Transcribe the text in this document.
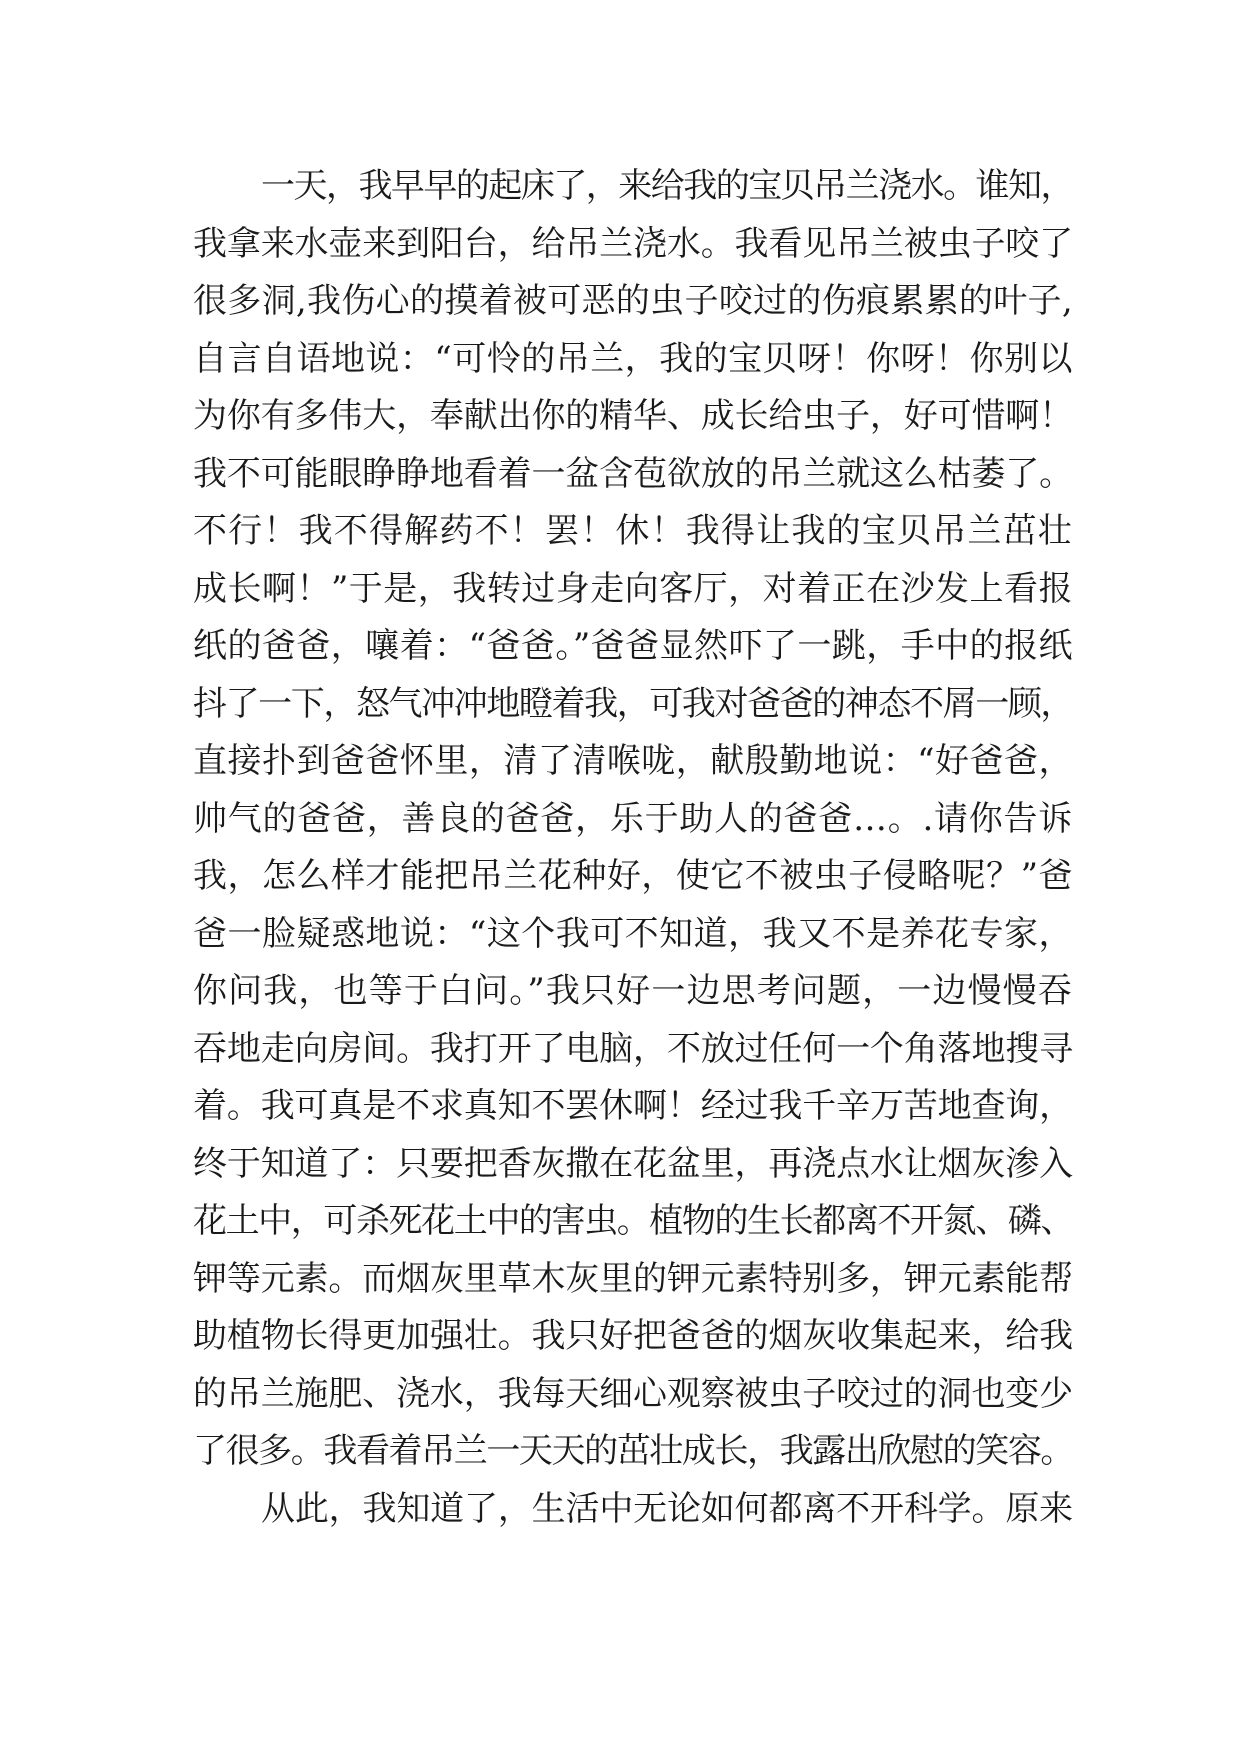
一天，我早早的起床了，来给我的宝贝吊兰浇水。谁知，
我拿来水壶来到阳台，给吊兰浇水。我看见吊兰被虫子咬了
很多洞,我伤心的摸着被可恶的虫子咬过的伤痕累累的叶子,
自言自语地说：“可怜的吊兰，我的宝贝呀！你呀！你别以
为你有多伟大，奉献出你的精华、成长给虫子，好可惜啊！
我不可能眼睁睁地看着一盆含苞欲放的吊兰就这么枯萎了。
不行！我不得解药不！罢！休！我得让我的宝贝吊兰茁壮
成长啊！”于是，我转过身走向客厅，对着正在沙发上看报
纸的爸爸，嚷着：“爸爸。”爸爸显然吓了一跳，手中的报纸
抖了一下，怒气冲冲地瞪着我，可我对爸爸的神态不屑一顾，
直接扑到爸爸怀里，清了清喉咙，献殷勤地说：“好爸爸，
帅气的爸爸，善良的爸爸，乐于助人的爸爸…。.请你告诉
我，怎么样才能把吊兰花种好，使它不被虫子侵略呢？”爸
爸一脸疑惑地说：“这个我可不知道，我又不是养花专家，
你问我，也等于白问。”我只好一边思考问题，一边慢慢吞
吞地走向房间。我打开了电脑，不放过任何一个角落地搜寻
着。我可真是不求真知不罢休啊！经过我千辛万苦地查询，
终于知道了：只要把香灰撒在花盆里，再浇点水让烟灰渗入
花土中，可杀死花土中的害虫。植物的生长都离不开氮、磷、
钾等元素。而烟灰里草木灰里的钾元素特别多，钾元素能帮
助植物长得更加强壮。我只好把爸爸的烟灰收集起来，给我
的吊兰施肥、浇水，我每天细心观察被虫子咬过的洞也变少
了很多。我看着吊兰一天天的茁壮成长，我露出欣慰的笑容。
从此，我知道了，生活中无论如何都离不开科学。原来
